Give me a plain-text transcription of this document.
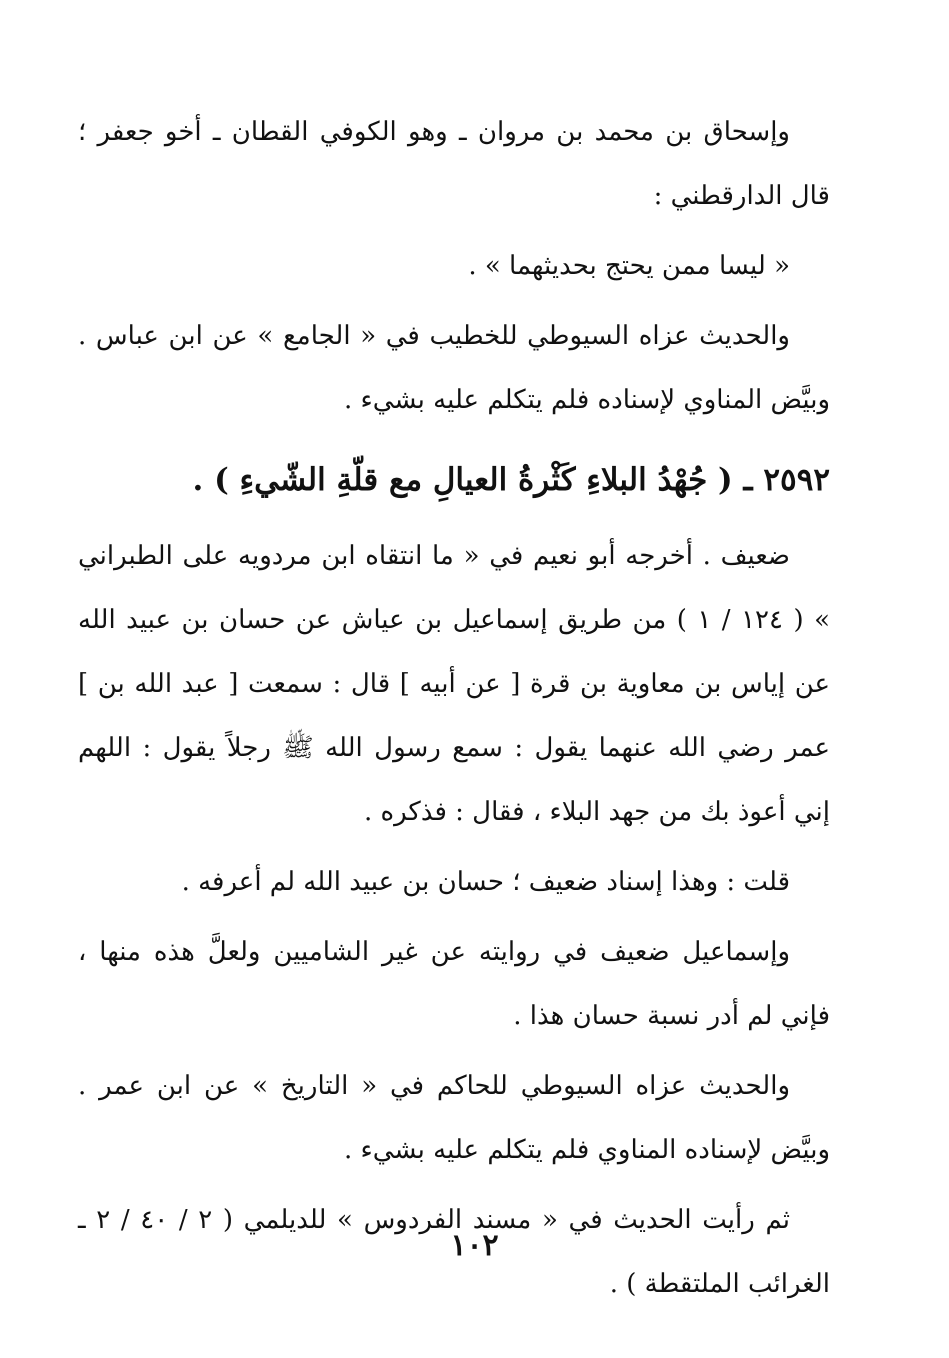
وإسحاق بن محمد بن مروان ـ وهو الكوفي القطان ـ أخو جعفر ؛ قال الدارقطني :

« ليسا ممن يحتج بحديثهما » .

والحديث عزاه السيوطي للخطيب في « الجامع » عن ابن عباس . وبيَّض المناوي لإسناده فلم يتكلم عليه بشيء .

٢٥٩٢ ـ ( جُهْدُ البلاءِ كَثْرةُ العيالِ مع قلّةِ الشّيءِ ) .

ضعيف . أخرجه أبو نعيم في « ما انتقاه ابن مردويه على الطبراني » ( ١٢٤ / ١ ) من طريق إسماعيل بن عياش عن حسان بن عبيد الله عن إياس بن معاوية بن قرة [ عن أبيه ] قال : سمعت [ عبد الله بن ] عمر رضي الله عنهما يقول : سمع رسول الله ﷺ رجلاً يقول : اللهم إني أعوذ بك من جهد البلاء ، فقال : فذكره .

قلت : وهذا إسناد ضعيف ؛ حسان بن عبيد الله لم أعرفه .

وإسماعيل ضعيف في روايته عن غير الشاميين ولعلَّ هذه منها ، فإني لم أدر نسبة حسان هذا .

والحديث عزاه السيوطي للحاكم في « التاريخ » عن ابن عمر . وبيَّض لإسناده المناوي فلم يتكلم عليه بشيء .

ثم رأيت الحديث في « مسند الفردوس » للديلمي ( ٢ / ٤٠ / ٢ ـ الغرائب الملتقطة ) .

١٠٢
